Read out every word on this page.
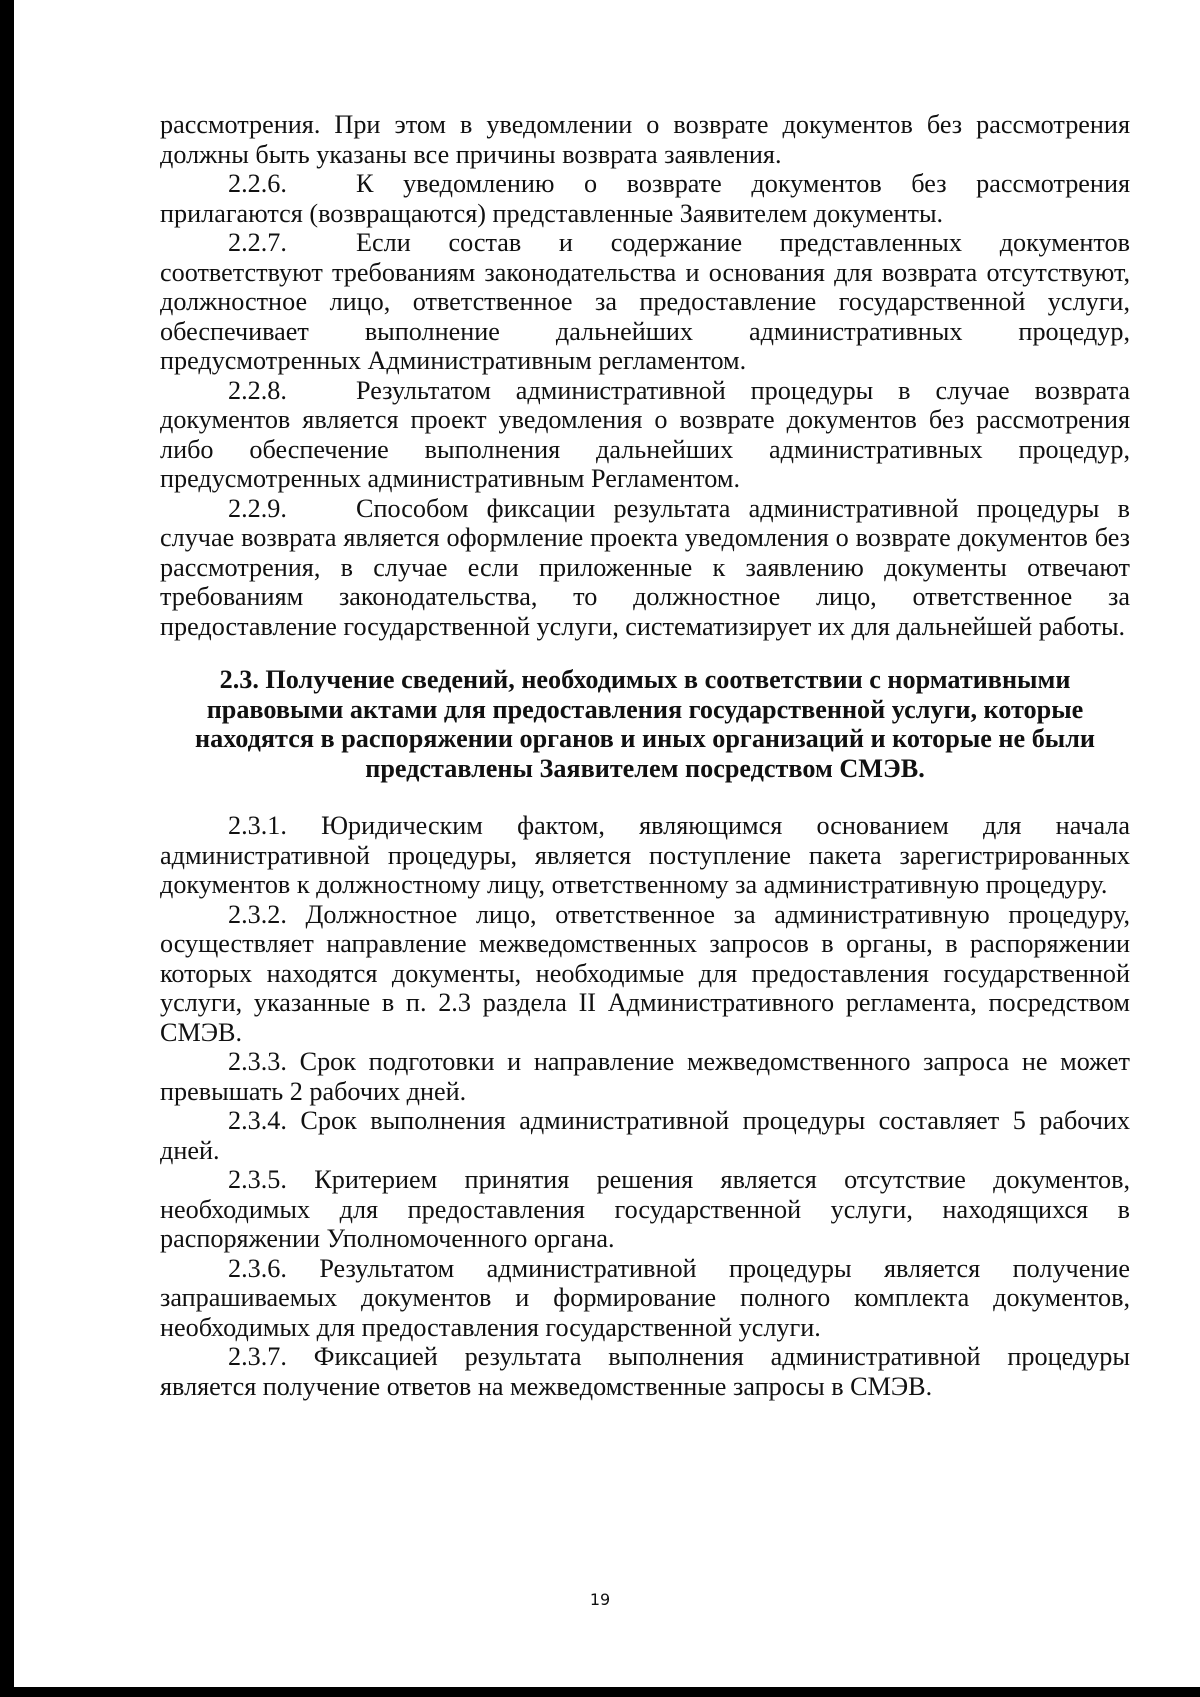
рассмотрения. При этом в уведомлении о возврате документов без рассмотрения должны быть указаны все причины возврата заявления.

2.2.6.	К уведомлению о возврате документов без рассмотрения прилагаются (возвращаются) представленные Заявителем документы.

2.2.7.	Если состав и содержание представленных документов соответствуют требованиям законодательства и основания для возврата отсутствуют, должностное лицо, ответственное за предоставление государственной услуги, обеспечивает выполнение дальнейших административных процедур, предусмотренных Административным регламентом.

2.2.8.	Результатом административной процедуры в случае возврата документов является проект уведомления о возврате документов без рассмотрения либо обеспечение выполнения дальнейших административных процедур, предусмотренных административным Регламентом.

2.2.9.	Способом фиксации результата административной процедуры в случае возврата является оформление проекта уведомления о возврате документов без рассмотрения, в случае если приложенные к заявлению документы отвечают требованиям законодательства, то должностное лицо, ответственное за предоставление государственной услуги, систематизирует их для дальнейшей работы.

2.3. Получение сведений, необходимых в соответствии с нормативными правовыми актами для предоставления государственной услуги, которые находятся в распоряжении органов и иных организаций и которые не были представлены Заявителем посредством СМЭВ.

2.3.1. Юридическим фактом, являющимся основанием для начала административной процедуры, является поступление пакета зарегистрированных документов к должностному лицу, ответственному за административную процедуру.

2.3.2. Должностное лицо, ответственное за административную процедуру, осуществляет направление межведомственных запросов в органы, в распоряжении которых находятся документы, необходимые для предоставления государственной услуги, указанные в п. 2.3 раздела II Административного регламента, посредством СМЭВ.

2.3.3. Срок подготовки и направление межведомственного запроса не может превышать 2 рабочих дней.

2.3.4. Срок выполнения административной процедуры составляет 5 рабочих дней.

2.3.5. Критерием принятия решения является отсутствие документов, необходимых для предоставления государственной услуги, находящихся в распоряжении Уполномоченного органа.

2.3.6. Результатом административной процедуры является получение запрашиваемых документов и формирование полного комплекта документов, необходимых для предоставления государственной услуги.

2.3.7. Фиксацией результата выполнения административной процедуры является получение ответов на межведомственные запросы в СМЭВ.

19
